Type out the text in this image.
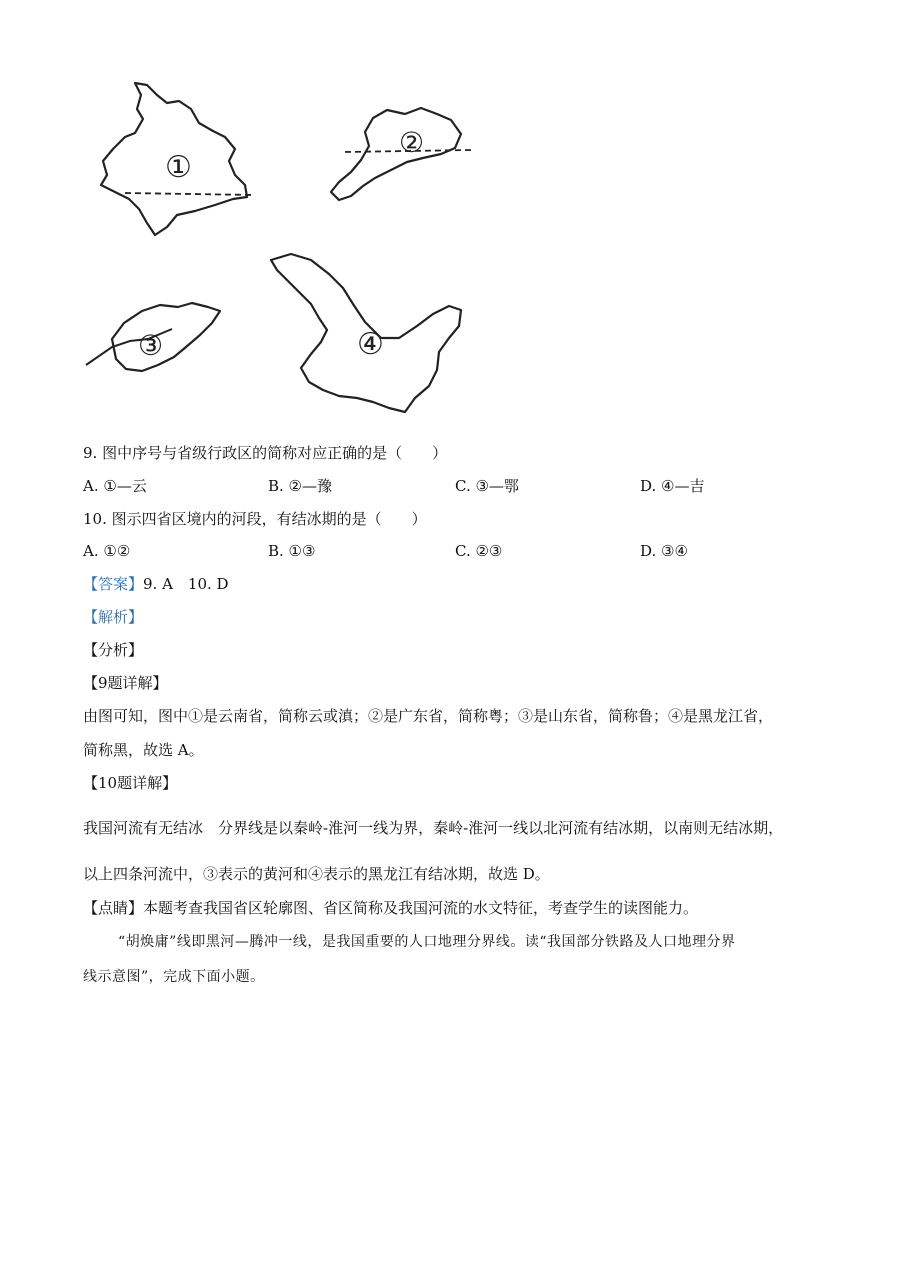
①
②
③	④
9. 图中序号与省级行政区的简称对应正确的是（　　）
A. ①—云	B. ②—豫	C. ③—鄂	D. ④—吉
10. 图示四省区境内的河段，有结冰期的是（　　）
A. ①②	B. ①③	C. ②③	D. ③④
【答案】9. A　10. D
【解析】
【分析】
【9题详解】
由图可知，图中①是云南省，简称云或滇；②是广东省，简称粤；③是山东省，简称鲁；④是黑龙江省，
简称黑，故选 A。
【10题详解】
我国河流有无结冰　分界线是以秦岭-淮河一线为界，秦岭-淮河一线以北河流有结冰期，以南则无结冰期，
以上四条河流中，③表示的黄河和④表示的黑龙江有结冰期，故选 D。
【点睛】本题考查我国省区轮廓图、省区简称及我国河流的水文特征，考查学生的读图能力。
“胡焕庸”线即黑河—腾冲一线，是我国重要的人口地理分界线。读“我国部分铁路及人口地理分界
线示意图”，完成下面小题。
